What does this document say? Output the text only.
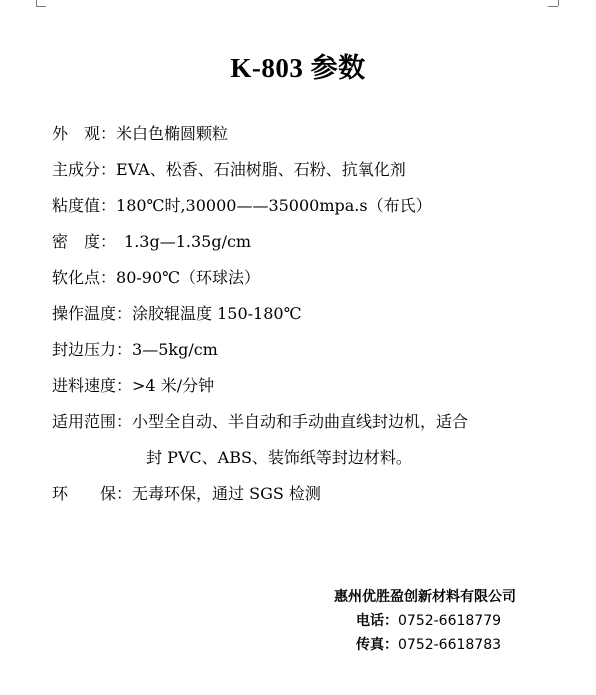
K-803 参数
外　观：米白色椭圆颗粒
主成分：EVA、松香、石油树脂、石粉、抗氧化剂
粘度值：180℃时,30000——35000mpa.s（布氏）
密　度：　1.3g—1.35g/cm
软化点：80-90℃（环球法）
操作温度：涂胶辊温度 150-180℃
封边压力：3—5kg/cm
进料速度：>4 米/分钟
适用范围：小型全自动、半自动和手动曲直线封边机，适合
封 PVC、ABS、装饰纸等封边材料。
环　　保：无毒环保，通过 SGS 检测
惠州优胜盈创新材料有限公司
电话：0752-6618779
传真：0752-6618783
